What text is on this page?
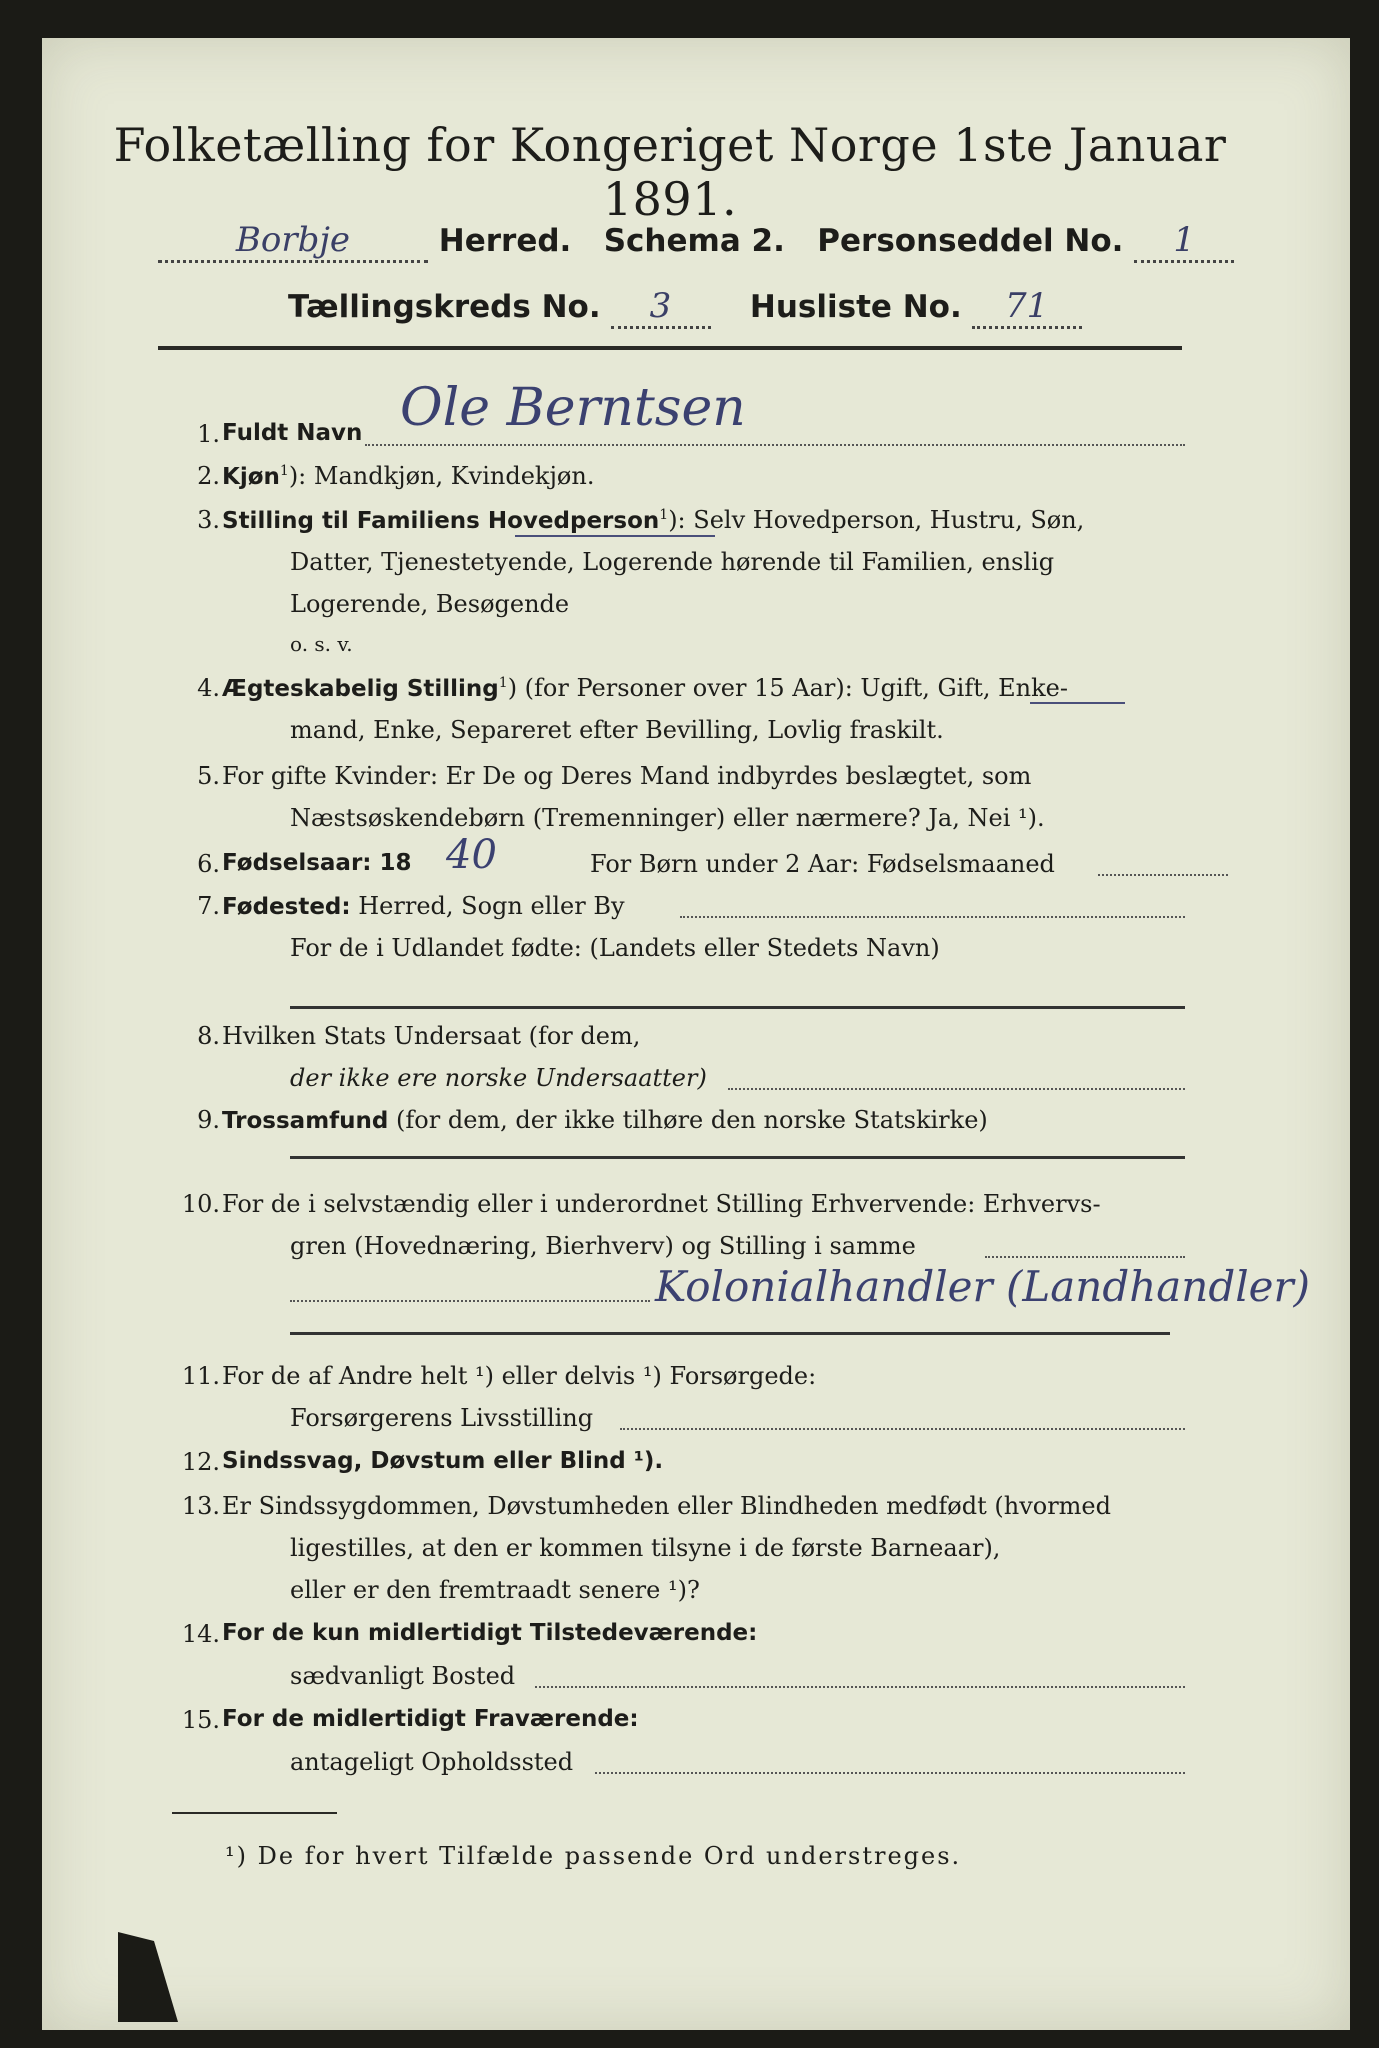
Folketælling for Kongeriget Norge 1ste Januar 1891.
Borbje	Herred. Schema 2. Personseddel No. 1
Tællingskreds No. 3	Husliste No. 71
1. Fuldt Navn Ole Berntsen
2. Kjøn$^1$): Mandkjøn, Kvindekjøn.
3. Stilling til Familiens Hovedperson$^1$): Selv Hovedperson, Hustru, Søn,
Datter, Tjenestetyende, Logerende hørende til Familien, enslig
Logerende, Besøgende
o. s. v.
4. Ægteskabelig Stilling$^1$) (for Personer over 15 Aar): Ugift, Gift, Enke-
mand, Enke, Separeret efter Bevilling, Lovlig fraskilt.
5. For gifte Kvinder: Er De og Deres Mand indbyrdes beslægtet, som
Næstsøskendebørn (Tremenninger) eller nærmere? Ja, Nei ¹).
6. Fødselsaar: 18 40	For Børn under 2 Aar: Fødselsmaaned
7. Fødested: Herred, Sogn eller By
For de i Udlandet fødte: (Landets eller Stedets Navn)
8. Hvilken Stats Undersaat (for dem,
der ikke ere norske Undersaatter)
9. Trossamfund (for dem, der ikke tilhøre den norske Statskirke)
10. For de i selvstændig eller i underordnet Stilling Erhvervende: Erhvervs-
gren (Hovednæring, Bierhverv) og Stilling i samme
Kolonialhandler (Landhandler)
11. For de af Andre helt ¹) eller delvis ¹) Forsørgede:
Forsørgerens Livsstilling
12. Sindssvag, Døvstum eller Blind ¹).
13. Er Sindssygdommen, Døvstumheden eller Blindheden medfødt (hvormed
ligestilles, at den er kommen tilsyne i de første Barneaar),
eller er den fremtraadt senere ¹)?
14. For de kun midlertidigt Tilstedeværende:
sædvanligt Bosted
15. For de midlertidigt Fraværende:
antageligt Opholdssted
¹) De for hvert Tilfælde passende Ord understreges.
